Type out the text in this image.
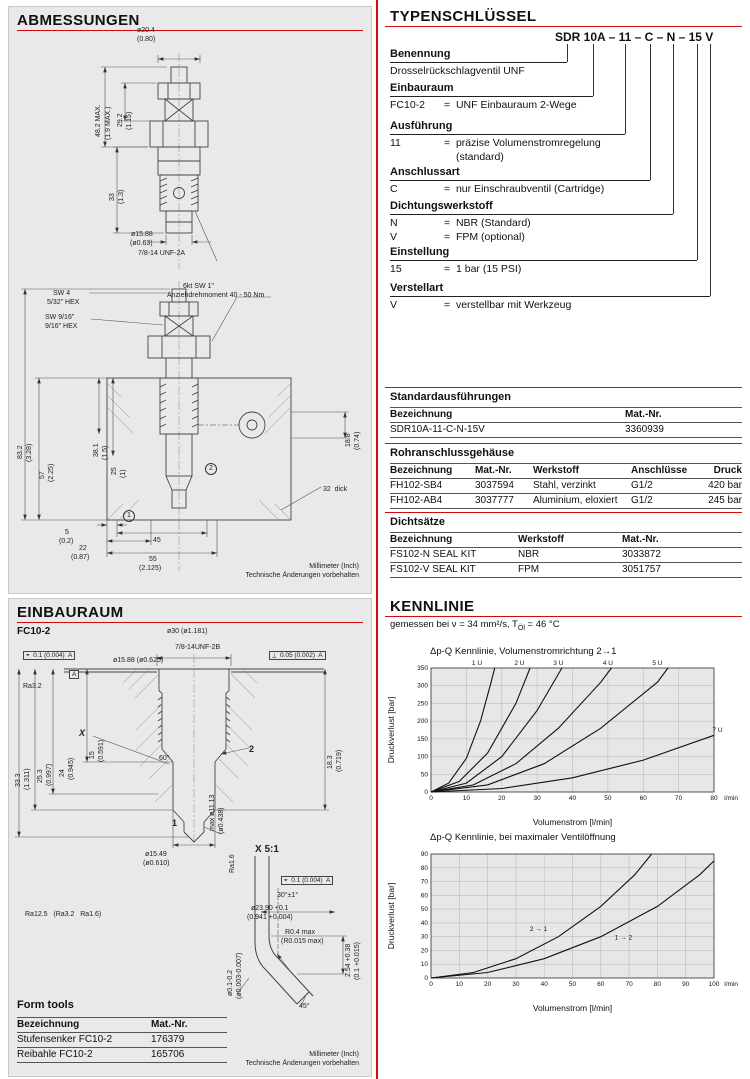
ABMESSUNGEN
ø20.4
(0.80)
48.2 MAX. (1.9 MAX.) 29.2 (1.15)
33 (1.3)
ø15.88
(ø0.63)
7/8-14 UNF-2A
SW 4
5/32" HEX
SW 9/16"
9/16" HEX
6kt SW 1"
Anziehdrehmoment 40 - 50 Nm
83.2 (3.28)
57 (2.25)
38.1 (1.5)
25 (1)
18.8 (0.74)
32  dick
5
(0.2)
22
(0.87)
45
55
(2.125)
1
2
Millimeter (Inch)
Technische Änderungen vorbehalten
EINBAURAUM
FC10-2	ø30 (ø1.181)
7/8-14UNF-2B
ø15.88 (ø0.625)
⌖  0.1 (0.004)  A	⟂  0.05 (0.002)  A
Ra3.2
A
X
33.3 (1.311) 25.3 (0.997) 24 (0.945)
15 (0.591)	60°
2
1
18.3 (0.719)
max ø11.13 (ø0.438)
ø15.49
(ø0.610)
X 5:1
Ra1.6
⌖  0.1 (0.004)  A
30°±1°
ø23.90 +0.1
(0.941 +0.004)
R0.4 max
(R0.015 max)
2.54 +0.38 (0.1 +0.015)
ø0.1-0.2 (ø0.003-0.007)
45°
Ra12.5   (Ra3.2   Ra1.6)
Form tools
Bezeichnung	Mat.-Nr.
Stufensenker FC10-2	176379
Reibahle FC10-2	165706	Millimeter (Inch)
Technische Änderungen vorbehalten
TYPENSCHLÜSSEL
SDR 10A – 11 – C – N – 15 V
Benennung
Drosselrückschlagventil UNF
Einbauraum
FC10-2 =  UNF Einbauraum 2-Wege
Ausführung
11	=  präzise Volumenstromregelung
(standard)
Anschlussart
C	=  nur Einschraubventil (Cartridge)
Dichtungswerkstoff
N	=  NBR (Standard)
V	=  FPM (optional)
Einstellung
15	=  1 bar (15 PSI)
Verstellart
V	=  verstellbar mit Werkzeug
Standardausführungen
Bezeichnung	Mat.-Nr.
SDR10A-11-C-N-15V	3360939
Rohranschlussgehäuse
Bezeichnung	Mat.-Nr.	Werkstoff	Anschlüsse	Druck
FH102-SB4	3037594	Stahl, verzinkt	G1/2	420 bar
FH102-AB4	3037777	Aluminium, eloxiert	G1/2	245 bar
Dichtsätze
Bezeichnung	Werkstoff	Mat.-Nr.
FS102-N SEAL KIT	NBR	3033872
FS102-V SEAL KIT	FPM	3051757
KENNLINIE
gemessen bei ν = 34 mm²/s, $T_{Öl} = 46$ °C
Δp-Q Kennlinie, Volumenstromrichtung 2→1
0	10	20	30	40	50	60	70	80
0
50
100
150
200
250
300
350
1 U	2 U	3 U	4 U	5 U
7 U
l/min
Volumenstrom [l/min]
Druckverlust [bar]
Δp-Q Kennlinie, bei maximaler Ventilöffnung
0	10	20	30	40	50	60	70	80	90	100
0
10
20
30
40
50
60
70
80
90
2 → 1
1 → 2
l/min
Volumenstrom [l/min]
Druckverlust [bar]
